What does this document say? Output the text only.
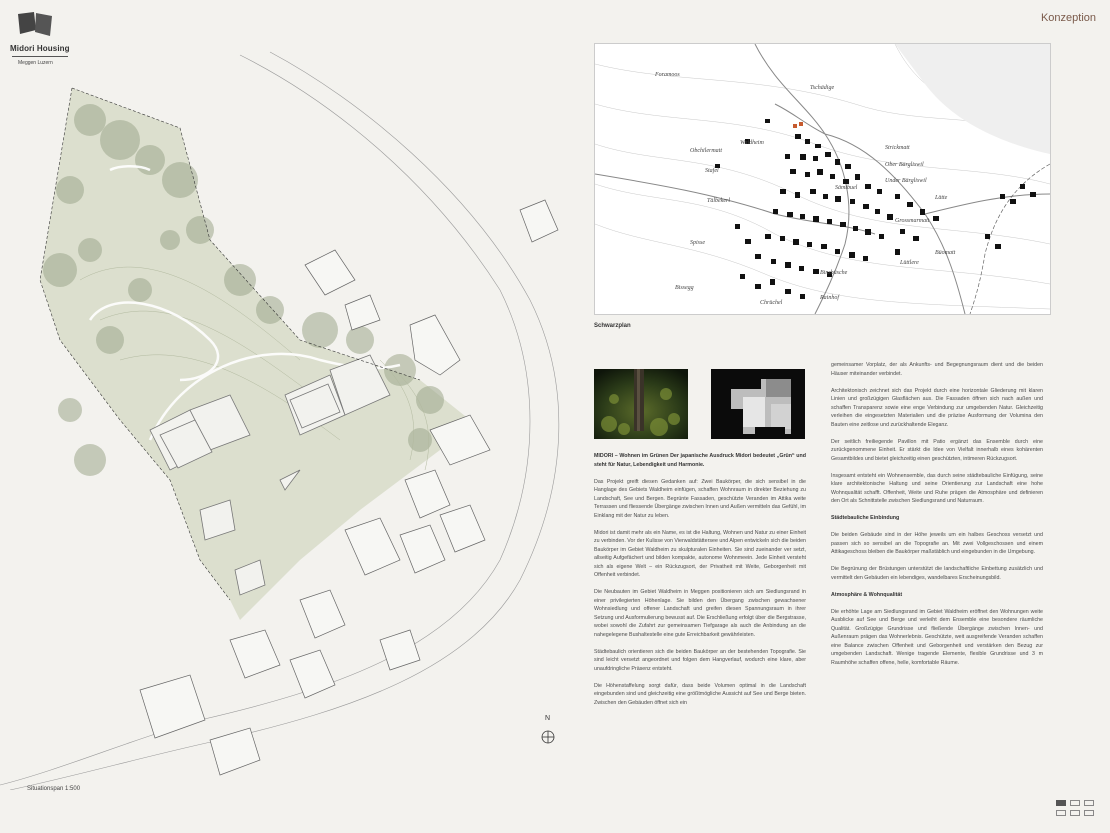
Midori Housing
Meggen Luzern
Konzeption
N
Situationspan 1:500
Tschädige
Obchilermatt
Waldheim
Foramoos
Stafel
Tälbekerl
Sämtbuel
Strickmatt
Ober Bärgliswil
Under Bärgliswil
Lätte
Grossmarmatt
Büomatt
Lüttlere
Binzbüsche
Spisse
Bissegg
Chrüchel
Rainhof
Schwarzplan

MIDORI – Wohnen im Grünen Der japanische Ausdruck Midori bedeutet „Grün“ und steht für Natur, Lebendigkeit und Harmonie.

Das Projekt greift diesen Gedanken auf: Zwei Baukörper, die sich sensibel in die Hanglage des Gebiets Waldheim einfügen, schaffen Wohnraum in direkter Beziehung zu Landschaft, See und Bergen. Begrünte Fassaden, geschützte Veranden im Attika weite Terrassen und fliessende Übergänge zwischen Innen und Außen vermitteln das Gefühl, im Einklang mit der Natur zu leben.

Midori ist damit mehr als ein Name, es ist die Haltung, Wohnen und Natur zu einer Einheit zu verbinden. Vor der Kulisse von Vierwaldstättersee und Alpen entwickeln sich die beiden Baukörper im Gebiet Waldheim zu skulpturalen Einheiten. Sie sind zueinander ver setzt, allseitig Aufgefächert und bilden kompakte, autonome Wohnmeein. Jede Einheit versteht sich als eigene Welt – ein Rückzugsort, der Privatheit mit Weite, Geborgenheit mit Offenheit verbindet.

Die Neubauten im Gebiet Waldheim in Meggen positionieren sich am Siedlungsrand in einer privilegierten Höhenlage. Sie bilden den Übergang zwischen gewachsener Wohnsiedlung und offener Landschaft und greifen diesen Spannungsraum in ihrer Setzung und Ausformulierung bewusst auf. Die Erschließung erfolgt über die Bergstrasse, wobei sowohl die Zufahrt zur gemeinsamen Tiefgarage als auch die Anbindung an die nahegelegene Bushaltestelle eine gute Erreichbarkeit gewährleisten.

Städtebaulich orientieren sich die beiden Baukörper an der bestehenden Topografie. Sie sind leicht versetzt angeordnet und folgen dem Hangverlauf, wodurch eine klare, aber unaufdringliche Präsenz entsteht.

Die Höhenstaffelung sorgt dafür, dass beide Volumen optimal in die Landschaft eingebunden sind und gleichzeitig eine größtmögliche Aussicht auf See und Berge bieten. Zwischen den Gebäuden öffnet sich ein

gemeinsamer Vorplatz, der als Ankunfts- und Begegnungsraum dient und die beiden Häuser miteinander verbindet.

Architektonisch zeichnet sich das Projekt durch eine horizontale Gliederung mit klaren Linien und großzügigen Glasflächen aus. Die Fassaden öffnen sich nach außen und schaffen Transparenz sowie eine enge Verbindung zur umgebenden Natur. Gleichzeitig verleihen die eingesetzten Materialien und die präzise Ausformung der Volumina den Bauten eine zeitlose und zurückhaltende Eleganz.

Der seitlich freiliegende Pavillon mit Patio ergänzt das Ensemble durch eine zurückgenommene Einheit. Er stärkt die Idee von Vielfalt innerhalb eines kohärenten Gesamtbildes und bietet gleichzeitig einen geschützten, intimeren Rückzugsort.

Insgesamt entsteht ein Wohnensemble, das durch seine städtebauliche Einfügung, seine klare architektonische Haltung und seine Orientierung zur Landschaft eine hohe Wohnqualität schafft. Offenheit, Weite und Ruhe prägen die Atmosphäre und definieren den Ort als Schnittstelle zwischen Siedlungsrand und Naturraum.

Städtebauliche Einbindung

Die beiden Gebäude sind in der Höhe jeweils um ein halbes Geschoss versetzt und passen sich so sensibel an die Topografie an. Mit zwei Vollgeschossen und einem Attikageschoss bleiben die Baukörper maßstäblich und eingebunden in die Umgebung.

Die Begrünung der Brüstungen unterstützt die landschaftliche Einbettung zusätzlich und vermittelt den Gebäuden ein lebendiges, wandelbares Erscheinungsbild.

Atmosphäre & Wohnqualität

Die erhöhte Lage am Siedlungsrand im Gebiet Waldheim eröffnet den Wohnungen weite Ausblicke auf See und Berge und verleiht dem Ensemble eine besondere räumliche Qualität. Großzügige Grundrisse und fließende Übergänge zwischen Innen- und Außenraum prägen das Wohnerlebnis. Geschützte, weit ausgreifende Veranden schaffen eine Balance zwischen Offenheit und Geborgenheit und verstärken den Bezug zur umgebenden Landschaft. Wenige tragende Elemente, flexible Grundrisse und 3 m Raumhöhe schaffen offene, helle, komfortable Räume.
